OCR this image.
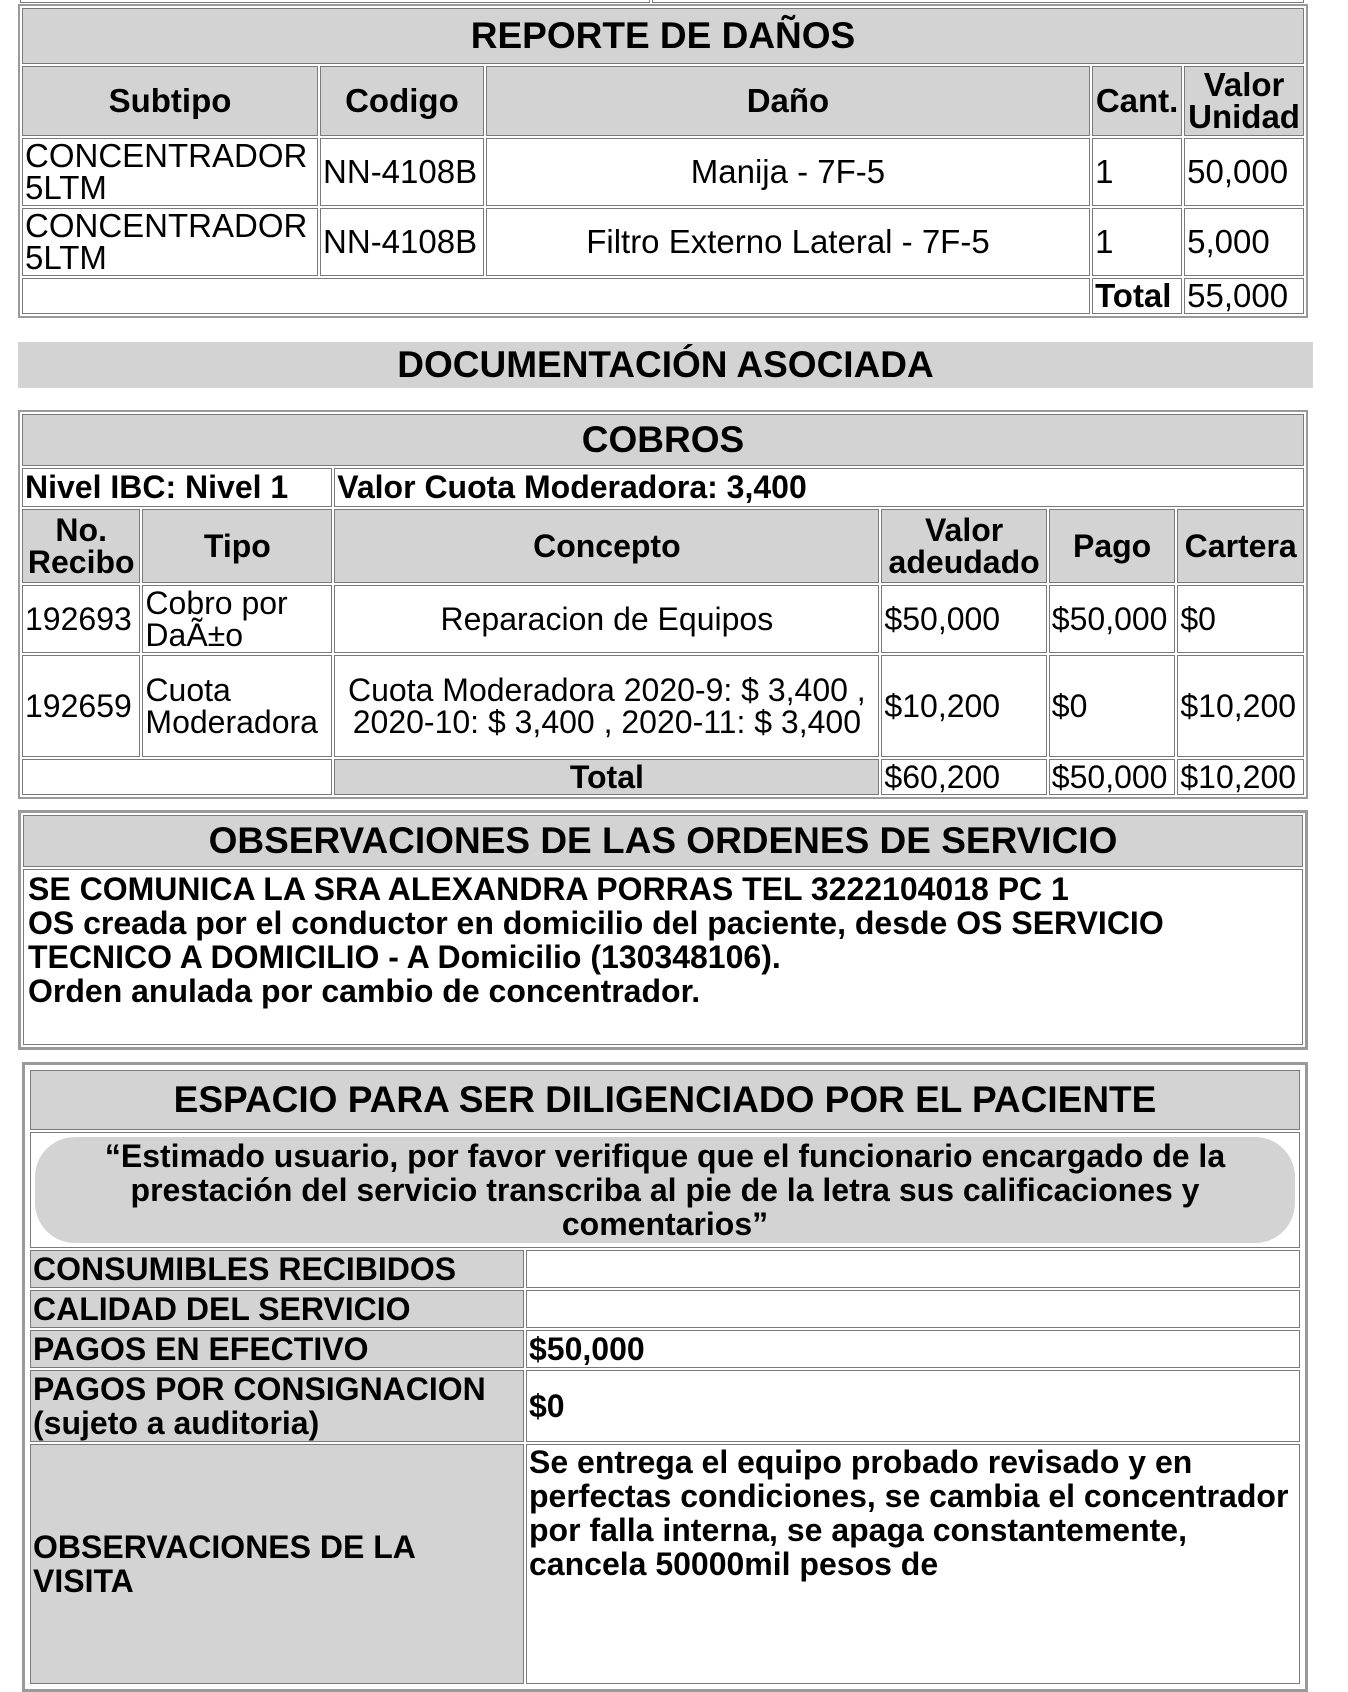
REPORTE DE DAÑOS				
Subtipo	Codigo	Daño	Cant.	Valor Unidad
CONCENTRADOR 5LTM	NN-4108B	Manija - 7F-5	1	50,000
CONCENTRADOR 5LTM	NN-4108B	Filtro Externo Lateral - 7F-5	1	5,000
			Total	55,000
DOCUMENTACIÓN ASOCIADA
COBROS					
Nivel IBC: Nivel 1		Valor Cuota Moderadora: 3,400			
No. Recibo	Tipo	Concepto	Valor adeudado	Pago	Cartera
192693	Cobro por DaÃ±o	Reparacion de Equipos	$50,000	$50,000	$0
192659	Cuota Moderadora	Cuota Moderadora 2020-9: $ 3,400 , 2020-10: $ 3,400 , 2020-11: $ 3,400	$10,200	$0	$10,200
		Total	$60,200	$50,000	$10,200
OBSERVACIONES DE LAS ORDENES DE SERVICIO

SE COMUNICA LA SRA ALEXANDRA PORRAS TEL 3222104018 PC 1
OS creada por el conductor en domicilio del paciente, desde OS SERVICIO TECNICO A DOMICILIO - A Domicilio (130348106).
Orden anulada por cambio de concentrador.
ESPACIO PARA SER DILIGENCIADO POR EL PACIENTE	

“Estimado usuario, por favor verifique que el funcionario encargado de la prestación del servicio transcriba al pie de la letra sus calificaciones y comentarios”	

CONSUMIBLES RECIBIDOS	
CALIDAD DEL SERVICIO	
PAGOS EN EFECTIVO	$50,000
PAGOS POR CONSIGNACION (sujeto a auditoria)	$0
OBSERVACIONES DE LA VISITA	Se entrega el equipo probado revisado y en perfectas condiciones, se cambia el concentrador por falla interna, se apaga constantemente, cancela 50000mil pesos de
